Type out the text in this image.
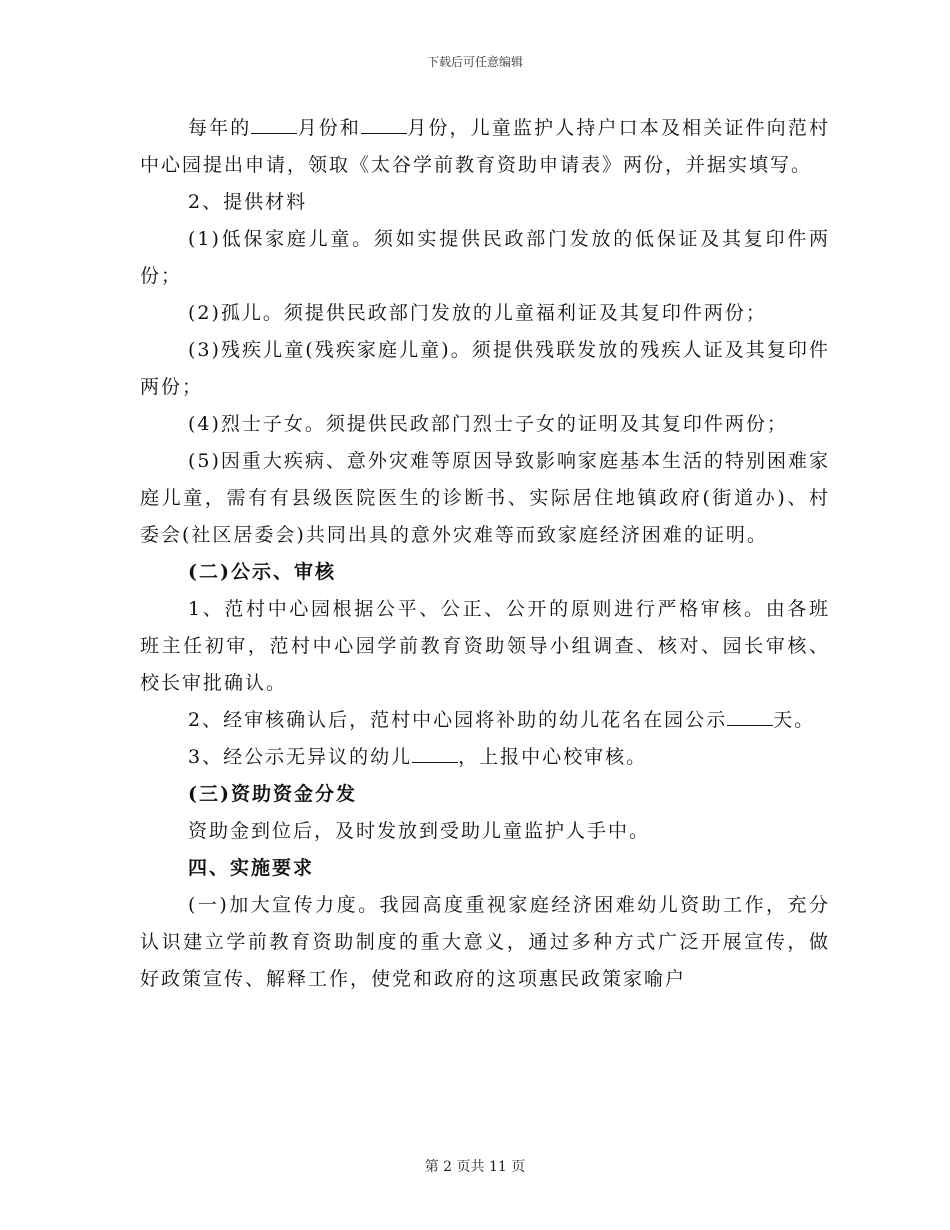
下载后可任意编辑

每年的 月份和 月份，儿童监护人持户口本及相关证件向范村中心园提出申请，领取《太谷学前教育资助申请表》两份，并据实填写。

2、提供材料

(1)低保家庭儿童。须如实提供民政部门发放的低保证及其复印件两份；

(2)孤儿。须提供民政部门发放的儿童福利证及其复印件两份；

(3)残疾儿童(残疾家庭儿童)。须提供残联发放的残疾人证及其复印件两份；

(4)烈士子女。须提供民政部门烈士子女的证明及其复印件两份；

(5)因重大疾病、意外灾难等原因导致影响家庭基本生活的特别困难家庭儿童，需有有县级医院医生的诊断书、实际居住地镇政府(街道办)、村委会(社区居委会)共同出具的意外灾难等而致家庭经济困难的证明。

(二)公示、审核

1、范村中心园根据公平、公正、公开的原则进行严格审核。由各班班主任初审，范村中心园学前教育资助领导小组调查、核对、园长审核、校长审批确认。

2、经审核确认后，范村中心园将补助的幼儿花名在园公示 天。

3、经公示无异议的幼儿 ，上报中心校审核。

(三)资助资金分发

资助金到位后，及时发放到受助儿童监护人手中。

四、实施要求

(一)加大宣传力度。我园高度重视家庭经济困难幼儿资助工作，充分认识建立学前教育资助制度的重大意义，通过多种方式广泛开展宣传，做好政策宣传、解释工作，使党和政府的这项惠民政策家喻户

第 2 页共 11 页
